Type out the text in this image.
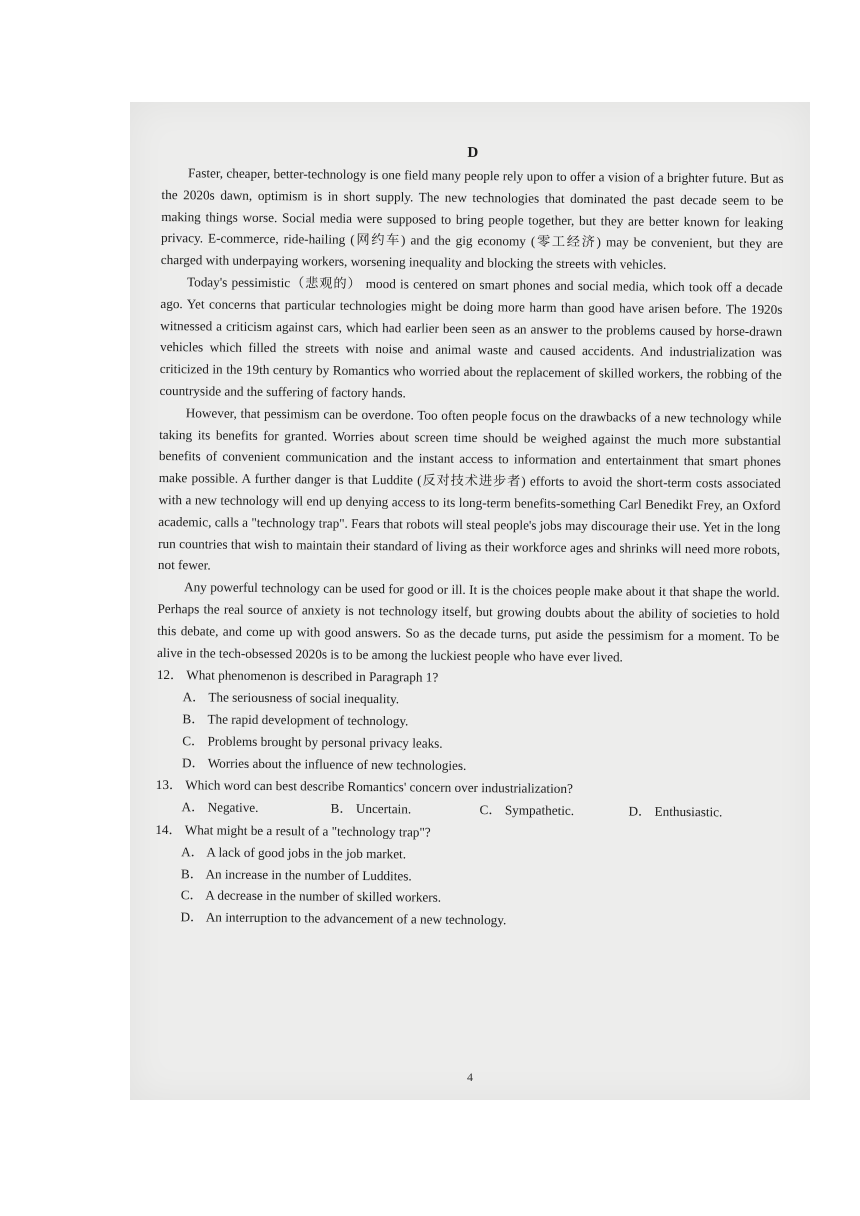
D

Faster, cheaper, better-technology is one field many people rely upon to offer a vision of a brighter future. But as the 2020s dawn, optimism is in short supply. The new technologies that dominated the past decade seem to be making things worse. Social media were supposed to bring people together, but they are better known for leaking privacy. E-commerce, ride-hailing (网约车) and the gig economy (零工经济) may be convenient, but they are charged with underpaying workers, worsening inequality and blocking the streets with vehicles.

Today's pessimistic（悲观的） mood is centered on smart phones and social media, which took off a decade ago. Yet concerns that particular technologies might be doing more harm than good have arisen before. The 1920s witnessed a criticism against cars, which had earlier been seen as an answer to the problems caused by horse-drawn vehicles which filled the streets with noise and animal waste and caused accidents. And industrialization was criticized in the 19th century by Romantics who worried about the replacement of skilled workers, the robbing of the countryside and the suffering of factory hands.

However, that pessimism can be overdone. Too often people focus on the drawbacks of a new technology while taking its benefits for granted. Worries about screen time should be weighed against the much more substantial benefits of convenient communication and the instant access to information and entertainment that smart phones make possible. A further danger is that Luddite (反对技术进步者) efforts to avoid the short-term costs associated with a new technology will end up denying access to its long-term benefits-something Carl Benedikt Frey, an Oxford academic, calls a "technology trap". Fears that robots will steal people's jobs may discourage their use. Yet in the long run countries that wish to maintain their standard of living as their workforce ages and shrinks will need more robots, not fewer.

Any powerful technology can be used for good or ill. It is the choices people make about it that shape the world. Perhaps the real source of anxiety is not technology itself, but growing doubts about the ability of societies to hold this debate, and come up with good answers. So as the decade turns, put aside the pessimism for a moment. To be alive in the tech-obsessed 2020s is to be among the luckiest people who have ever lived.

12． What phenomenon is described in Paragraph 1?
A． The seriousness of social inequality.
B． The rapid development of technology.
C． Problems brought by personal privacy leaks.
D． Worries about the influence of new technologies.
13． Which word can best describe Romantics' concern over industrialization?
A． Negative.	B． Uncertain.	C． Sympathetic.	D． Enthusiastic.
14． What might be a result of a "technology trap"?
A． A lack of good jobs in the job market.
B． An increase in the number of Luddites.
C． A decrease in the number of skilled workers.
D． An interruption to the advancement of a new technology.
4
